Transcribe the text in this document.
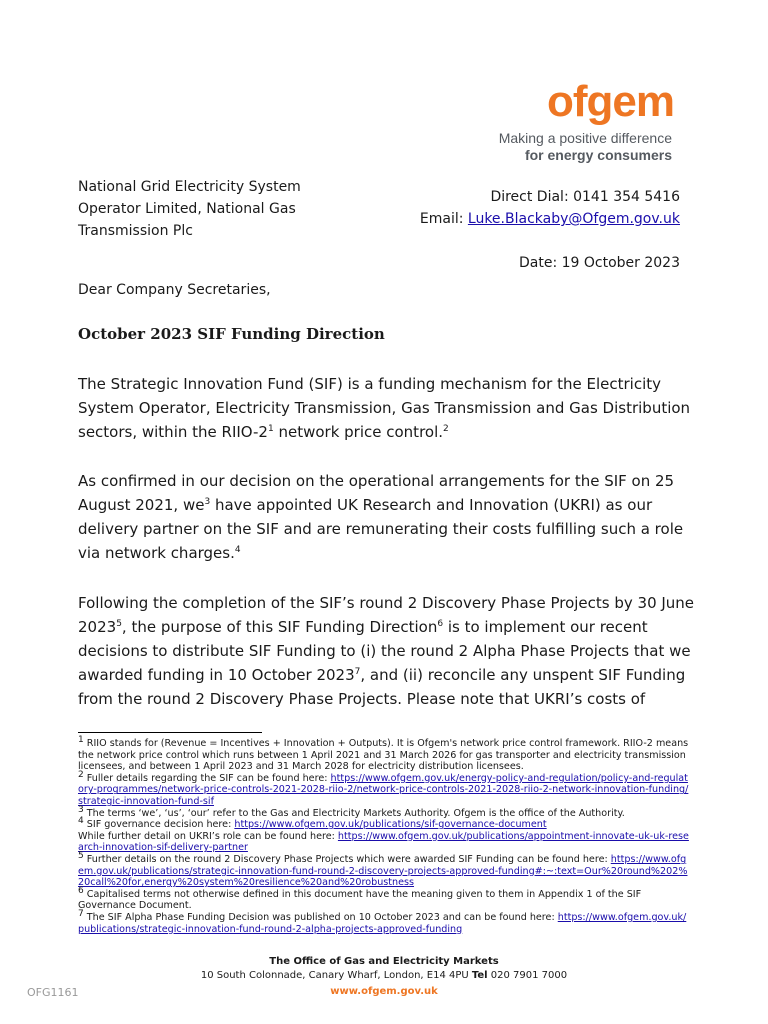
ofgem
Making a positive difference
for energy consumers
National Grid Electricity System
Operator Limited, National Gas
Transmission Plc
Direct Dial: 0141 354 5416
Email: Luke.Blackaby@Ofgem.gov.uk
Date: 19 October 2023
Dear Company Secretaries,
October 2023 SIF Funding Direction
The Strategic Innovation Fund (SIF) is a funding mechanism for the Electricity System Operator, Electricity Transmission, Gas Transmission and Gas Distribution sectors, within the RIIO-$2^1$ network price control.$^2$
As confirmed in our decision on the operational arrangements for the SIF on 25 August 2021, $we^3$ have appointed UK Research and Innovation (UKRI) as our delivery partner on the SIF and are remunerating their costs fulfilling such a role via network charges.$^4$
Following the completion of the SIF’s round 2 Discovery Phase Projects by 30 June 2023$^5$, the purpose of this SIF Funding Direction$^6$ is to implement our recent decisions to distribute SIF Funding to (i) the round 2 Alpha Phase Projects that we awarded funding in 10 October 2023$^7$, and (ii) reconcile any unspent SIF Funding from the round 2 Discovery Phase Projects. Please note that UKRI’s costs of

$^1$ RIIO stands for (Revenue = Incentives + Innovation + Outputs). It is Ofgem's network price control framework. RIIO-2 means the network price control which runs between 1 April 2021 and 31 March 2026 for gas transporter and electricity transmission licensees, and between 1 April 2023 and 31 March 2028 for electricity distribution licensees.

$^2$ Fuller details regarding the SIF can be found here: https://www.ofgem.gov.uk/energy-policy-and-regulation/policy-and-regulatory-programmes/network-price-controls-2021-2028-riio-2/network-price-controls-2021-2028-riio-2-network-innovation-funding/strategic-innovation-fund-sif

$^3$ The terms ‘we’, ‘us’, ‘our’ refer to the Gas and Electricity Markets Authority. Ofgem is the office of the Authority.

$^4$ SIF governance decision here: https://www.ofgem.gov.uk/publications/sif-governance-document

While further detail on UKRI’s role can be found here: https://www.ofgem.gov.uk/publications/appointment-innovate-uk-uk-research-innovation-sif-delivery-partner

$^5$ Further details on the round 2 Discovery Phase Projects which were awarded SIF Funding can be found here: https://www.ofgem.gov.uk/publications/strategic-innovation-fund-round-2-discovery-projects-approved-funding#:~:text=Our%20round%202%20call%20for,energy%20system%20resilience%20and%20robustness

$^6$ Capitalised terms not otherwise defined in this document have the meaning given to them in Appendix 1 of the SIF Governance Document.

$^7$ The SIF Alpha Phase Funding Decision was published on 10 October 2023 and can be found here: https://www.ofgem.gov.uk/publications/strategic-innovation-fund-round-2-alpha-projects-approved-funding

The Office of Gas and Electricity Markets
10 South Colonnade, Canary Wharf, London, E14 4PU Tel 020 7901 7000
www.ofgem.gov.uk
OFG1161
